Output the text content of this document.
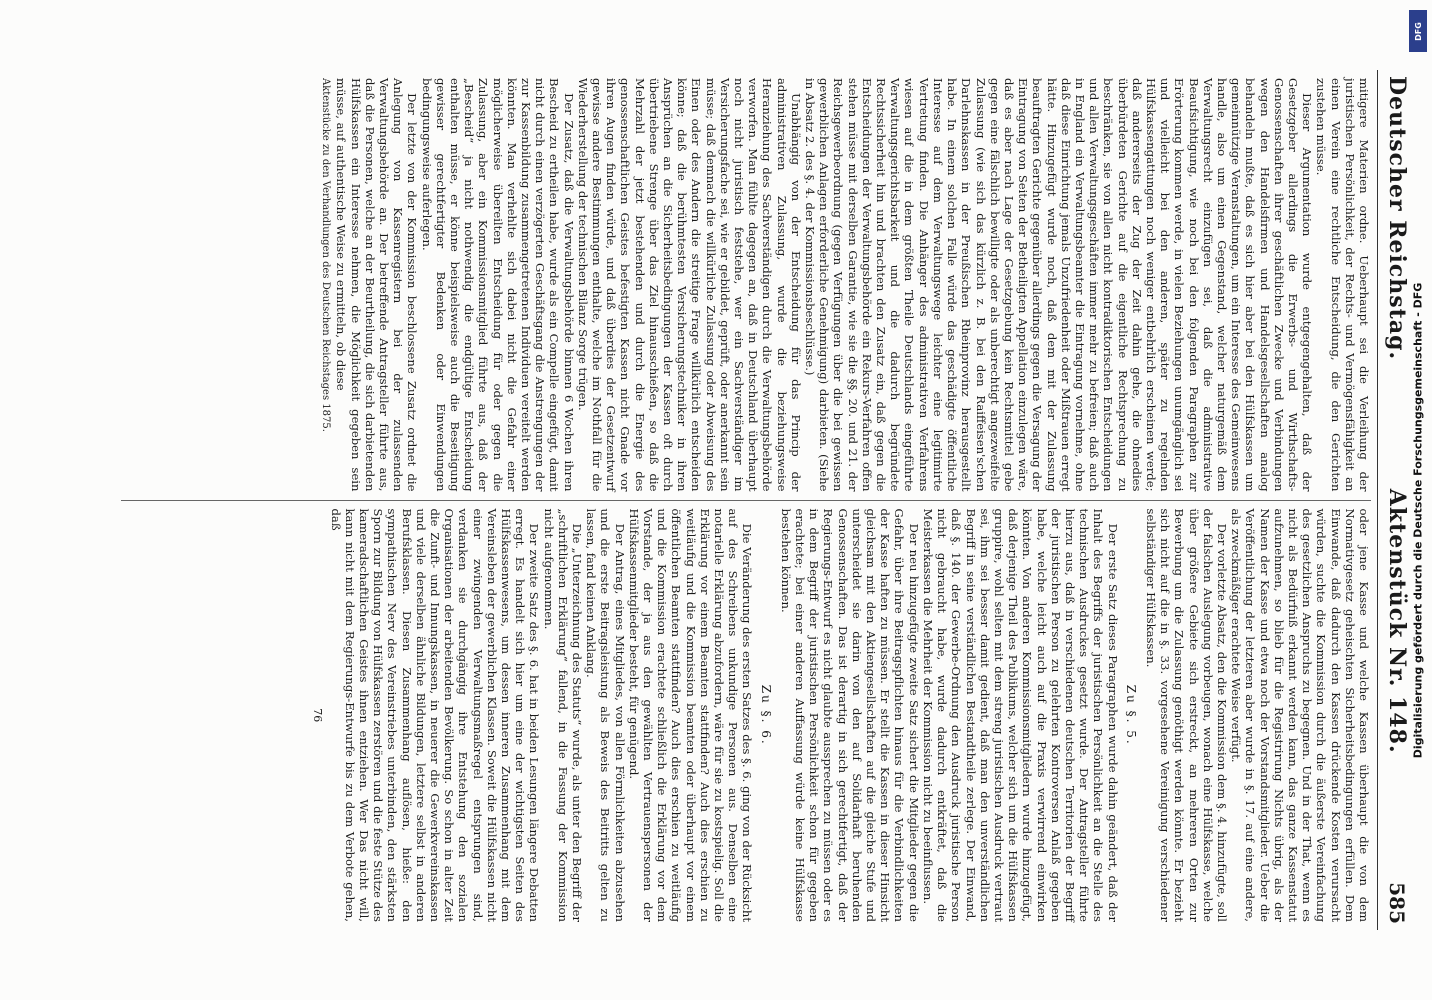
Deutscher Reichstag.
Aktenstück Nr. 148.
585

mitigere Materien ordne. Ueberhaupt sei die Verleihung der juristischen Persönlichkeit, der Rechts- und Vermögensfähigkeit an einen Verein eine rechtliche Entscheidung, die den Gerichten zustehen müsse.

Dieser Argumentation wurde entgegengehalten, daß der Gesetzgeber allerdings die Erwerbs- und Wirthschafts-Genossenschaften ihrer geschäftlichen Zwecke und Verbindungen wegen den Handelsfirmen und Handelsgesellschaften analog behandeln mußte, daß es sich hier aber bei den Hülfskassen um gemeinnützige Veranstaltungen, um ein Interesse des Gemeinwesens handle, also um einen Gegenstand, welcher naturgemäß dem Verwaltungsrecht einzufügen sei, daß die administrative Beaufsichtigung, wie noch bei den folgenden Paragraphen zur Erörterung kommen werde, in vielen Beziehungen unumgänglich sei und vielleicht bei den anderen, später zu regelnden Hülfskassengattungen noch weniger entbehrlich erscheinen werde; daß andererseits der Zug der Zeit dahin gehe, die ohnedies überbürdeten Gerichte auf die eigentliche Rechtsprechung zu beschränken, sie von allen nicht kontradiktorischen Entscheidungen und allen Verwaltungsgeschäften immer mehr zu befreien; daß auch in England ein Verwaltungsbeamter die Eintragung vornehme, ohne daß diese Einrichtung jemals Unzufriedenheit oder Mißtrauen erregt hätte. Hinzugefügt wurde noch, daß dem mit der Zulassung beauftragten Gerichte gegenüber allerdings gegen die Versagung der Eintragung von Seiten der Betheiligten Appellation einzulegen wäre, daß es aber nach Lage der Gesetzgebung kein Rechtsmittel gebe gegen eine fälschlich bewilligte oder als unberechtigt angezweifelte Zulassung (wie sich das kürzlich z. B. bei den Raiffeisen'schen Darlehnskassen in der Preußischen Rheinprovinz herausgestellt habe. In einem solchen Falle würde das geschädigte öffentliche Interesse auf dem Verwaltungswege leichter eine legitimirte Vertretung finden. Die Anhänger des administrativen Verfahrens wiesen auf die in dem größten Theile Deutschlands eingeführte Verwaltungsgerichtsbarkeit und die dadurch begründete Rechtssicherheit hin und brachten den Zusatz ein, daß gegen die Entscheidungen der Verwaltungsbehörde ein Rekurs-Verfahren offen stehen müsse mit derselben Garantie, wie sie die §§. 20. und 21. der Reichsgewerbeordnung (gegen Verfügungen über die bei gewissen gewerblichen Anlagen erforderliche Genehmigung) darbieten. (Siehe in Absatz 2. des §. 4. der Kommissionsbeschlüsse.)

Unabhängig von der Entscheidung für das Princip der administrativen Zulassung, wurde die beziehungsweise Heranziehung des Sachverständigen durch die Verwaltungsbehörde verworfen. Man fühlte dagegen an, daß in Deutschland überhaupt noch nicht juristisch feststehe, wer ein Sachverständiger im Versicherungsfache sei, wie er gebildet, geprüft, oder anerkannt sein müsse; daß demnach die willkürliche Zulassung oder Abweisung des Einen oder des Andern die streitige Frage willkürlich entscheiden könne; daß die berühmtesten Versicherungstechniker in ihren Ansprüchen an die Sicherheitsbedingungen der Kassen oft durch übertriebene Strenge über das Ziel hinausschießen, so daß die Mehrzahl der jetzt bestehenden und durch die Energie des genossenschaftlichen Geistes befestigten Kassen nicht Gnade vor ihren Augen finden würde, und daß überdies der Gesetzentwurf gewisse andere Bestimmungen enthalte, welche im Nothfall für die Wiederherstellung der technischen Bilanz Sorge trügen.

Der Zusatz, daß die Verwaltungsbehörde binnen 6 Wochen ihren Bescheid zu ertheilen habe, wurde als ein Compelle eingefügt, damit nicht durch einen verzögerten Geschäftsgang die Anstrengungen der zur Kassenbildung zusammengetretenen Individuen vereitelt werden könnten. Man verhehlte sich dabei nicht die Gefahr einer möglicherweise übereilten Entscheidung für oder gegen die Zulassung, aber ein Kommissionsmitglied führte aus, daß der „Bescheid“ ja nicht nothwendig die endgültige Entscheidung enthalten müsse, er könne beispielsweise auch die Beseitigung gewisser gerechtfertigter Bedenken oder Einwendungen bedingungsweise auferlegen.

Der letzte von der Kommission beschlossene Zusatz ordnet die Anlegung von Kassenregistern bei der zulassenden Verwaltungsbehörde an. Der betreffende Antragsteller führte aus, daß die Personen, welche an der Beurtheilung, die sich darbietenden Hülfskassen ein Interesse nehmen, die Möglichkeit gegeben sein müsse, auf authentische Weise zu ermitteln, ob diese

Aktenstücke zu den Verhandlungen des Deutschen Reichstages 1875.

oder jene Kasse und welche Kassen überhaupt die von dem Normativgesetz geheischten Sicherheitsbedingungen erfüllen. Dem Einwande, daß dadurch den Kassen drückende Kosten verursacht würden, suchte die Kommission durch die äußerste Vereinfachung des gesetzlichen Anspruchs zu begegnen. Und in der That, wenn es nicht als Bedürfniß erkannt werden kann, das ganze Kassenstatut aufzunehmen, so blieb für die Registrirung Nichts übrig, als der Namen der Kasse und etwa noch der Vorstandsmitglieder. Ueber die Veröffentlichung der letzteren aber wurde in §. 17. auf eine andere, als zweckmäßiger erachtete Weise verfügt.

Der vorletzte Absatz, den die Kommission dem §. 4. hinzufügte, soll der falschen Auslegung vorbeugen, wonach eine Hülfskasse, welche über größere Gebiete sich erstreckt, an mehreren Orten zur Bewerbung um die Zulassung genöthigt werden könnte. Er bezieht sich nicht auf die in §. 33. vorgesehene Vereinigung verschiedener selbständiger Hülfskassen.

Zu §. 5.

Der erste Satz dieses Paragraphen wurde dahin geändert, daß der Inhalt des Begriffs der juristischen Persönlichkeit an die Stelle des technischen Ausdruckes gesetzt wurde. Der Antragsteller führte hierzu aus, daß in verschiedenen deutschen Territorien der Begriff der juristischen Person zu gelehrten Kontroversen Anlaß gegeben habe, welche leicht auch auf die Praxis verwirrend einwirken könnten. Von anderen Kommissionsmitgliedern wurde hinzugefügt, daß derjenige Theil des Publikums, welcher sich um die Hülfskassen gruppire, wohl selten mit dem streng juristischen Ausdruck vertraut sei, ihm sei besser damit gedient, daß man den unverständlichen Begriff in seine verständlichen Bestandtheile zerlege. Der Einwand, daß §. 140. der Gewerbe-Ordnung den Ausdruck juristische Person nicht gebraucht habe, wurde dadurch entkräftet, daß die Meisterkassen die Mehrheit der Kommission nicht zu beeinflussen.

Der neu hinzugefügte zweite Satz sichert die Mitglieder gegen die Gefahr, über ihre Beitragspflichten hinaus für die Verbindlichkeiten der Kasse haften zu müssen. Er stellt die Kassen in dieser Hinsicht gleichsam mit den Aktiengesellschaften auf die gleiche Stufe und unterscheidet sie darin von den auf Solidarhaft beruhenden Genossenschaften. Das ist derartig in sich gerechtfertigt, daß der Regierungs-Entwurf es nicht glaubte aussprechen zu müssen oder es in dem Begriff der juristischen Persönlichkeit schon für gegeben erachtete; bei einer anderen Auffassung würde keine Hülfskasse bestehen können.

Zu §. 6.

Die Veränderung des ersten Satzes des §. 6. ging von der Rücksicht auf des Schreibens unkundige Personen aus. Denselben eine notarielle Erklärung abzufordern, wäre für sie zu kostspielig. Soll die Erklärung vor einem Beamten stattfinden? Auch dies erschien zu weitläufig und die Kommission beamten oder überhaupt vor einem öffentlichen Beamten stattfinden? Auch dies erschien zu weitläufig und die Kommission erachtete schließlich die Erklärung vor dem Vorstande, der ja aus den gewählten Vertrauenspersonen der Hülfskassenmitglieder besteht, für genügend.

Der Antrag, eines Mitgliedes, von allen Förmlichkeiten abzusehen und die erste Beitragsleistung als Beweis des Beitritts gelten zu lassen, fand keinen Anklang.

Die „Unterzeichnung des Statuts“ wurde, als unter den Begriff der „schriftlichen Erklärung“ fallend, in die Fassung der Kommission nicht aufgenommen.

Der zweite Satz des §. 6. hat in beiden Lesungen längere Debatten erregt. Es handelt sich hier um eine der wichtigsten Seiten des Hülfskassenwesens, um dessen inneren Zusammenhang mit dem Vereinsleben der gewerblichen Klassen. Soweit die Hülfskassen nicht einer zwingenden Verwaltungsmaßregel entsprungen sind, verdanken sie durchgängig ihre Entstehung den sozialen Organisationen der arbeitenden Bevölkerung. So schon in alter Zeit die Zunft- und Innungskassen, in neuerer die Gewerkvereinskassen und viele derselben ähnliche Bildungen, letztere selbst in anderen Berufsklassen. Diesen Zusammenhang auflösen, hieße: den sympathischen Nerv des Vereinstriebes unterbinden, den stärksten Sporn zur Bildung von Hülfskassen zerstören und die feste Stütze des kameradschaftlichen Geistes ihnen entziehen. Wer Das nicht will, kann nicht mit dem Regierungs-Entwurfe bis zu dem Verbote gehen, daß

76
DFG
Digitalisierung gefördert durch die Deutsche Forschungsgemeinschaft - DFG
